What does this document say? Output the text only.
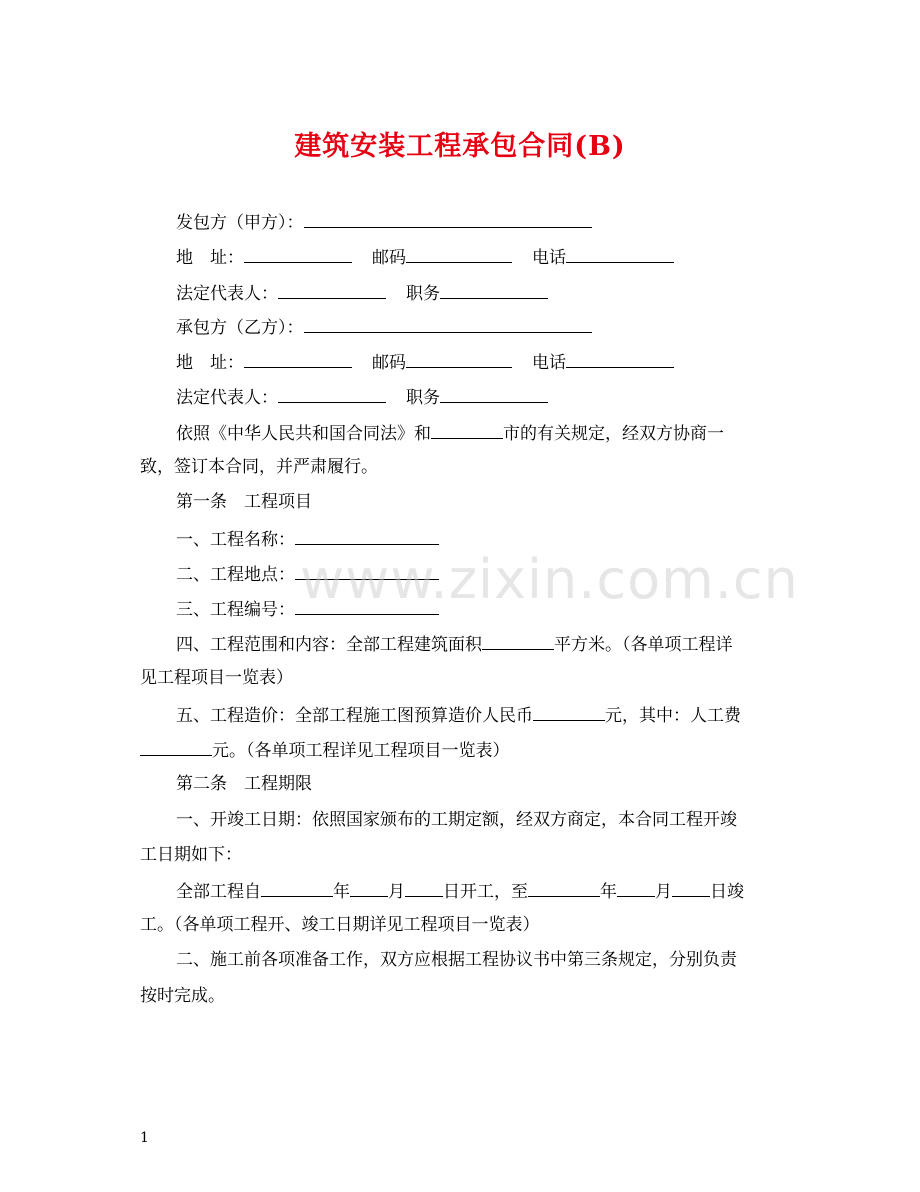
建筑安装工程承包合同(B)
发包方（甲方）：
地　址：	邮码	电话
法定代表人：	职务
承包方（乙方）：
地　址：	邮码	电话
法定代表人：	职务
依照《中华人民共和国合同法》和	市的有关规定，经双方协商一
致，签订本合同，并严肃履行。
第一条　工程项目
一、工程名称：
二、工程地点：
三、工程编号：
四、工程范围和内容：全部工程建筑面积	平方米。（各单项工程详
见工程项目一览表）
五、工程造价：全部工程施工图预算造价人民币	元，其中：人工费
元。（各单项工程详见工程项目一览表）
第二条　工程期限
一、开竣工日期：依照国家颁布的工期定额，经双方商定，本合同工程开竣
工日期如下：
全部工程自	年 月 日开工，至	年 月 日竣
工。（各单项工程开、竣工日期详见工程项目一览表）
二、施工前各项准备工作，双方应根据工程协议书中第三条规定，分别负责
按时完成。
www.zixin.com.cn
1
